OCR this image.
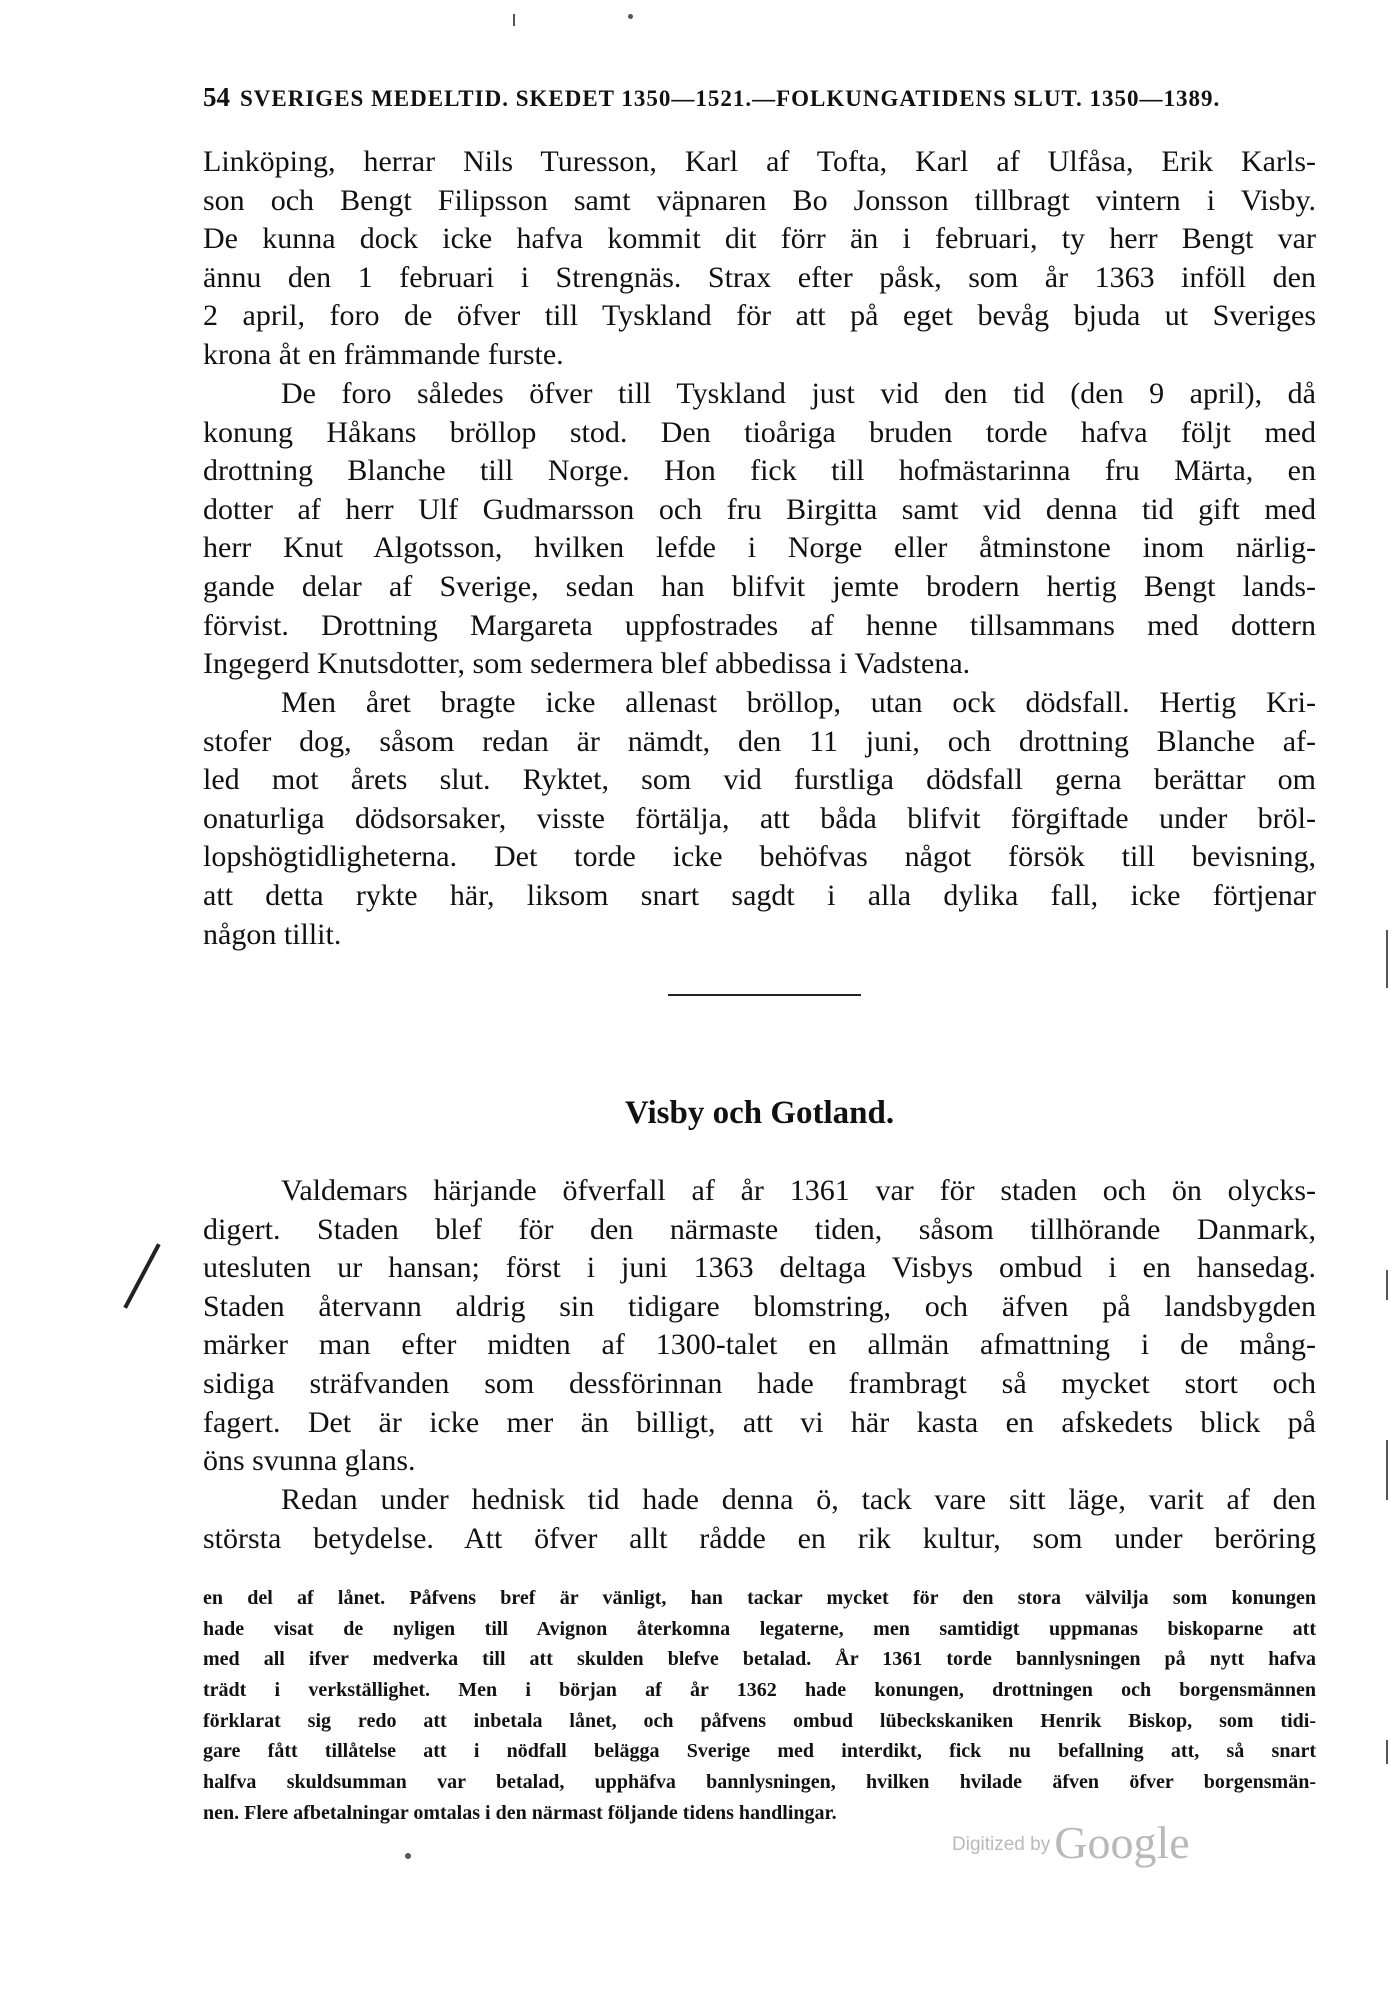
54 SVERIGES MEDELTID. SKEDET 1350—1521.—FOLKUNGATIDENS SLUT. 1350—1389.
Linköping, herrar Nils Turesson, Karl af Tofta, Karl af Ulfåsa, Erik Karls-
son och Bengt Filipsson samt väpnaren Bo Jonsson tillbragt vintern i Visby.
De kunna dock icke hafva kommit dit förr än i februari, ty herr Bengt var
ännu den 1 februari i Strengnäs. Strax efter påsk, som år 1363 inföll den
2 april, foro de öfver till Tyskland för att på eget bevåg bjuda ut Sveriges
krona åt en främmande furste.
De foro således öfver till Tyskland just vid den tid (den 9 april), då
konung Håkans bröllop stod. Den tioåriga bruden torde hafva följt med
drottning Blanche till Norge. Hon fick till hofmästarinna fru Märta, en
dotter af herr Ulf Gudmarsson och fru Birgitta samt vid denna tid gift med
herr Knut Algotsson, hvilken lefde i Norge eller åtminstone inom närlig-
gande delar af Sverige, sedan han blifvit jemte brodern hertig Bengt lands-
förvist. Drottning Margareta uppfostrades af henne tillsammans med dottern
Ingegerd Knutsdotter, som sedermera blef abbedissa i Vadstena.
Men året bragte icke allenast bröllop, utan ock dödsfall. Hertig Kri-
stofer dog, såsom redan är nämdt, den 11 juni, och drottning Blanche af-
led mot årets slut. Ryktet, som vid furstliga dödsfall gerna berättar om
onaturliga dödsorsaker, visste förtälja, att båda blifvit förgiftade under bröl-
lopshögtidligheterna. Det torde icke behöfvas något försök till bevisning,
att detta rykte här, liksom snart sagdt i alla dylika fall, icke förtjenar
någon tillit.
Visby och Gotland.
Valdemars härjande öfverfall af år 1361 var för staden och ön olycks-
digert. Staden blef för den närmaste tiden, såsom tillhörande Danmark,
utesluten ur hansan; först i juni 1363 deltaga Visbys ombud i en hansedag.
Staden återvann aldrig sin tidigare blomstring, och äfven på landsbygden
märker man efter midten af 1300-talet en allmän afmattning i de mång-
sidiga sträfvanden som dessförinnan hade frambragt så mycket stort och
fagert. Det är icke mer än billigt, att vi här kasta en afskedets blick på
öns svunna glans.
Redan under hednisk tid hade denna ö, tack vare sitt läge, varit af den
största betydelse. Att öfver allt rådde en rik kultur, som under beröring
en del af lånet. Påfvens bref är vänligt, han tackar mycket för den stora välvilja som konungen
hade visat de nyligen till Avignon återkomna legaterne, men samtidigt uppmanas biskoparne att
med all ifver medverka till att skulden blefve betalad. År 1361 torde bannlysningen på nytt hafva
trädt i verkställighet. Men i början af år 1362 hade konungen, drottningen och borgensmännen
förklarat sig redo att inbetala lånet, och påfvens ombud lübeckskaniken Henrik Biskop, som tidi-
gare fått tillåtelse att i nödfall belägga Sverige med interdikt, fick nu befallning att, så snart
halfva skuldsumman var betalad, upphäfva bannlysningen, hvilken hvilade äfven öfver borgensmän-
nen. Flere afbetalningar omtalas i den närmast följande tidens handlingar.
Digitized byGoogle
